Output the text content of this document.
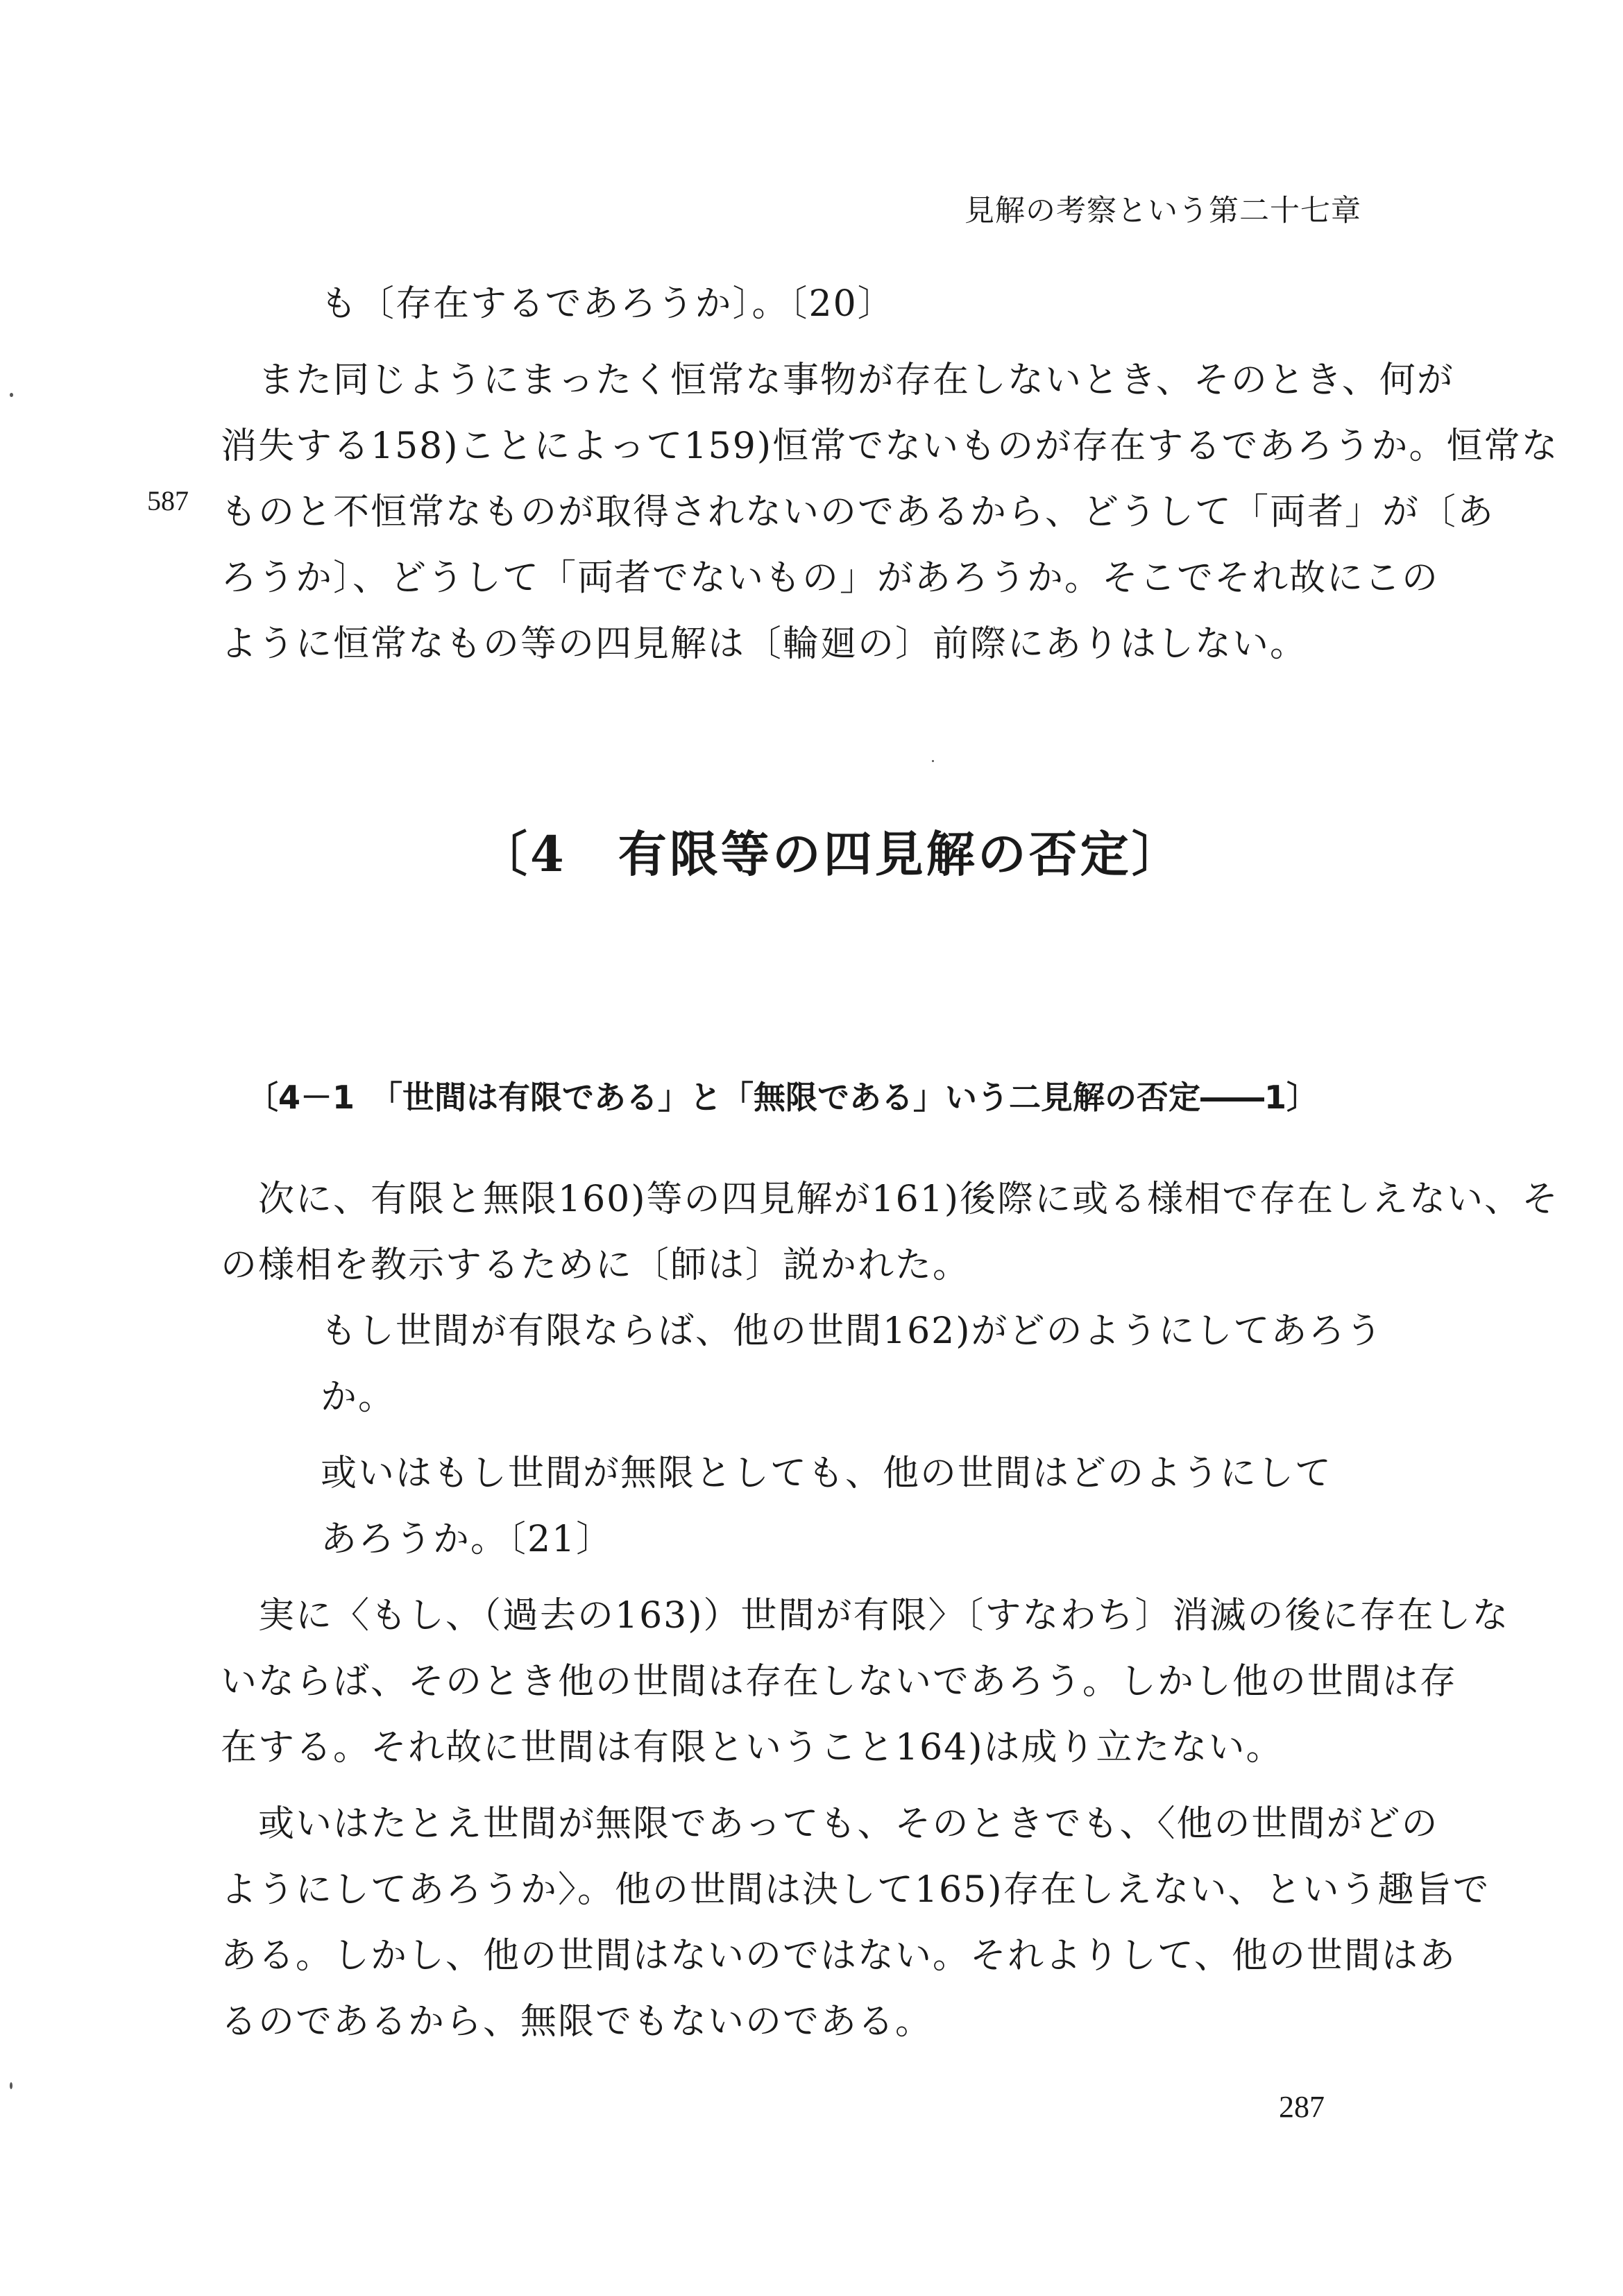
見解の考察という第二十七章
も〔存在するであろうか〕。〔20〕
　また同じようにまったく恒常な事物が存在しないとき、そのとき、何が
消失する158)ことによって159)恒常でないものが存在するであろうか。恒常な
ものと不恒常なものが取得されないのであるから、どうして「両者」が〔あ
ろうか〕、どうして「両者でないもの」があろうか。そこでそれ故にこの
ように恒常なもの等の四見解は〔輪廻の〕前際にありはしない。
587
〔4　有限等の四見解の否定〕
〔4－1　「世間は有限である」と「無限である」いう二見解の否定――1〕
　次に、有限と無限160)等の四見解が161)後際に或る様相で存在しえない、そ
の様相を教示するために〔師は〕説かれた。
もし世間が有限ならば、他の世間162)がどのようにしてあろう
か。
或いはもし世間が無限としても、他の世間はどのようにして
あろうか。〔21〕
　実に〈もし、（過去の163)）世間が有限〉〔すなわち〕消滅の後に存在しな
いならば、そのとき他の世間は存在しないであろう。しかし他の世間は存
在する。それ故に世間は有限ということ164)は成り立たない。
　或いはたとえ世間が無限であっても、そのときでも、〈他の世間がどの
ようにしてあろうか〉。他の世間は決して165)存在しえない、という趣旨で
ある。しかし、他の世間はないのではない。それよりして、他の世間はあ
るのであるから、無限でもないのである。
287
